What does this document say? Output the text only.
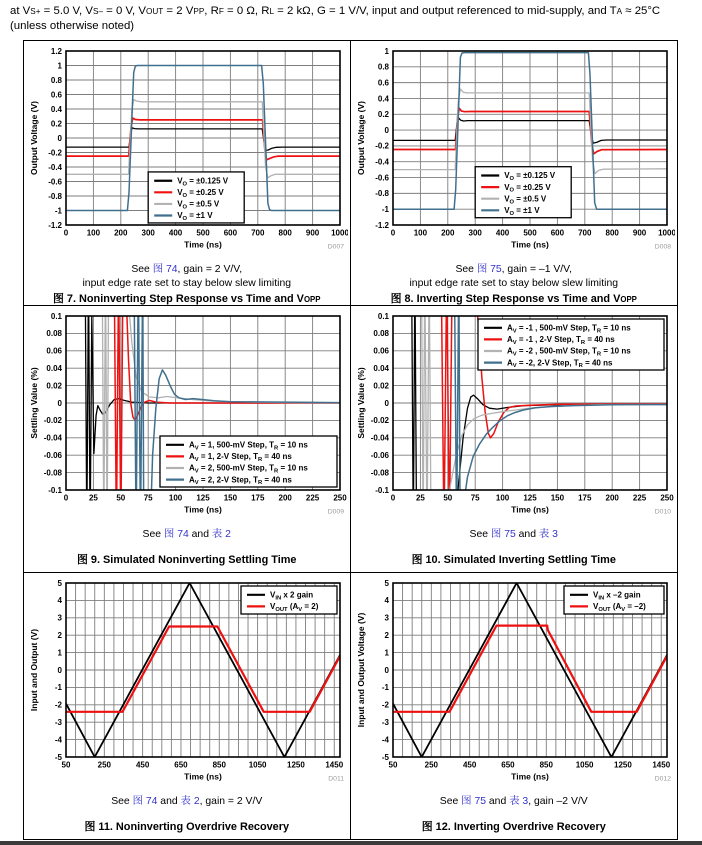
at $V_{S+} = 5.0$ V, $V_{S-} = 0$ V, $V_{OUT} = 2$ $V_{PP}$, $R_F = 0$ Ω, $R_L = 2$ kΩ, G = 1 V/V, input and output referenced to mid-supply, and $T_A \approx 25^\circ C$ (unless otherwise noted)
0 100 200 300 400 500 600 700 800 900 1000
-1.2
-1
-0.8
-0.6
-0.4
-0.2
0
0.2
0.4
0.6
0.8
1
1.2
Time (ns)
Output Voltage (V)
D007
$V_O = \pm 0.125$ V
$V_O = \pm 0.25$ V
$V_O = \pm 0.5$ V
$V_O = \pm 1$ V
See 图 74, gain = 2 V/V,
input edge rate set to stay below slew limiting
图 7. Noninverting Step Response vs Time and $V_{OPP}$
0 100 200 300 400 500 600 700 800 900 1000
-1.2
-1
-0.8
-0.6
-0.4
-0.2
0
0.2
0.4
0.6
0.8
1
Time (ns)
Output Voltage (V)
D008
$V_O = \pm 0.125$ V
$V_O = \pm 0.25$ V
$V_O = \pm 0.5$ V
$V_O = \pm 1$ V
See 图 75, gain = –1 V/V,
input edge rate set to stay below slew limiting
图 8. Inverting Step Response vs Time and $V_{OPP}$
0	25 50 75 100 125 150 175 200 225 250
-0.1
-0.08
-0.06
-0.04
-0.02
0
0.02
0.04
0.06
0.08
0.1
Time (ns)
Settling Value (%)
D009
$A_V = 1$, 500-mV Step, $T_R = 10$ ns
$A_V = 1$, 2-V Step, $T_R = 40$ ns
$A_V = 2$, 500-mV Step, $T_R = 10$ ns
$A_V = 2$, 2-V Step, $T_R = 40$ ns
See 图 74 and 表 2
图 9. Simulated Noninverting Settling Time
0	25 50 75 100 125 150 175 200 225 250
-0.1
-0.08
-0.06
-0.04
-0.02
0
0.02
0.04
0.06
0.08
0.1
Time (ns)
Settling Value (%)
D010
$A_V = -1$ , 500-mV Step, $T_R = 10$ ns
$A_V = -1$ , 2-V Step, $T_R = 40$ ns
$A_V = -2$ , 500-mV Step, $T_R = 10$ ns
$A_V = -2$, 2-V Step, $T_R = 40$ ns
See 图 75 and 表 3
图 10. Simulated Inverting Settling Time
50	250	450	650	850	1050	1250	1450
-5
-4
-3
-2
-1
0
1
2
3
4
5
Time (ns)
Input and Output (V)
D011
$V_{IN}$ x 2 gain
$V_{OUT}$ $(A_V = 2)$
See 图 74 and 表 2, gain = 2 V/V
图 11. Noninverting Overdrive Recovery
50	250	450	650	850	1050	1250	1450
-5
-4
-3
-2
-1
0
1
2
3
4
5
Time (ns)
Input and Output Voltage (V)
D012
$V_{IN}$ x –2 gain
$V_{OUT}$ $(A_V = -2)$
See 图 75 and 表 3, gain –2 V/V
图 12. Inverting Overdrive Recovery
